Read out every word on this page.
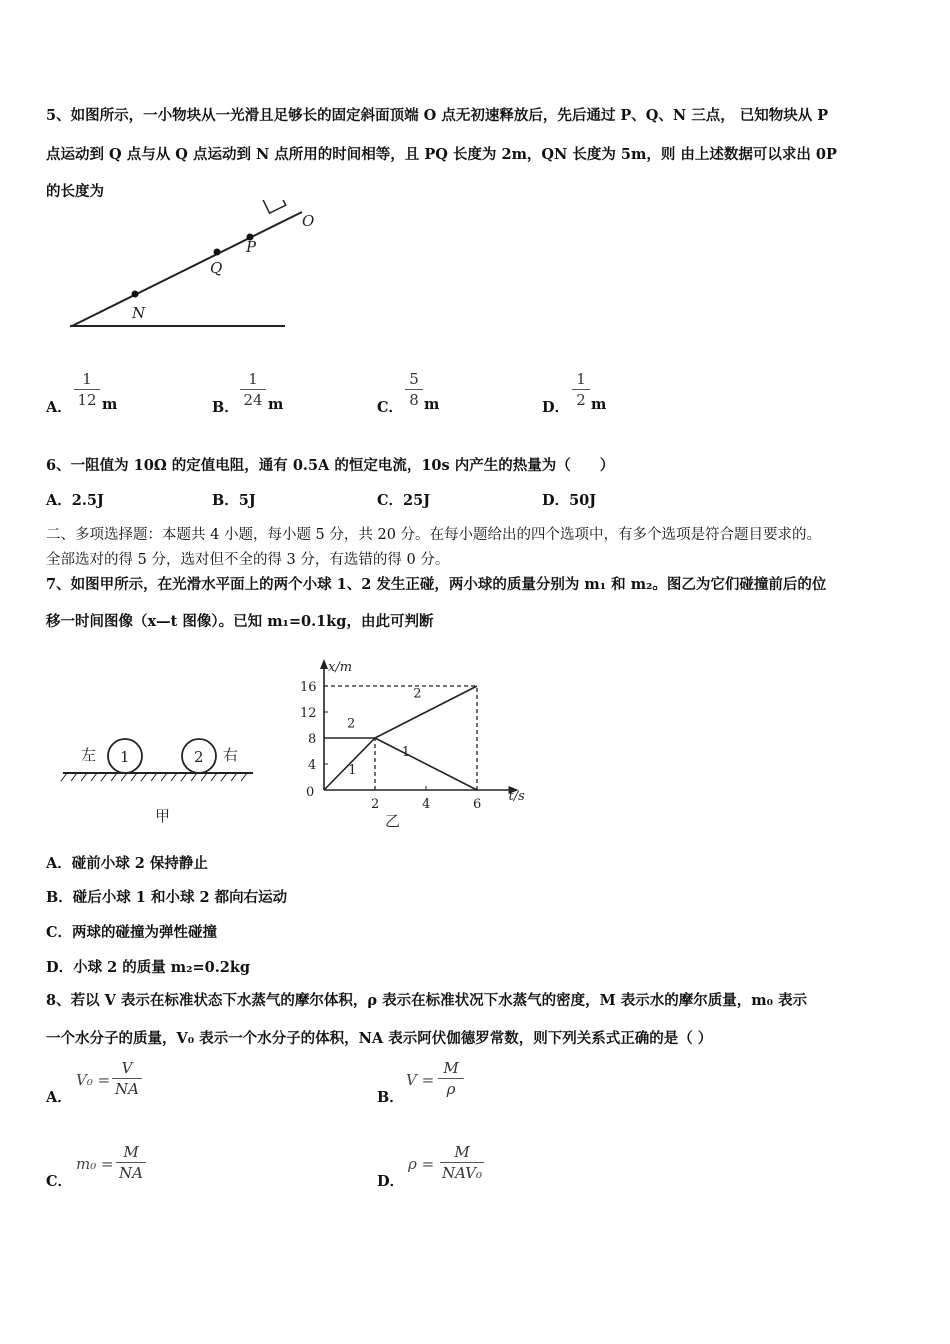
5、如图所示，一小物块从一光滑且足够长的固定斜面顶端 O 点无初速释放后，先后通过 P、Q、N 三点， 已知物块从 P
点运动到 Q 点与从 Q 点运动到 N 点所用的时间相等，且 PQ 长度为 2m，QN 长度为 5m，则 由上述数据可以求出 0P
的长度为
O
P
Q
N
A．
1
12 m	B．
1
24 m	C．
5
8 m	D．
1
2 m
6、一阻值为 10Ω 的定值电阻，通有 0.5A 的恒定电流，10s 内产生的热量为（　　）
A．2.5J	B．5J	C．25J	D．50J
二、多项选择题：本题共 4 小题，每小题 5 分，共 20 分。在每小题给出的四个选项中，有多个选项是符合题目要求的。
全部选对的得 5 分，选对但不全的得 3 分，有选错的得 0 分。
7、如图甲所示，在光滑水平面上的两个小球 1、2 发生正碰，两小球的质量分别为 m₁ 和 m₂。图乙为它们碰撞前后的位
移一时间图像（x—t 图像）。已知 m₁=0.1kg，由此可判断
1	2
左	右
甲
t/s
x/m
0
2	4	6
4
8
12
16
1
1
2
2
乙
A．碰前小球 2 保持静止
B．碰后小球 1 和小球 2 都向右运动
C．两球的碰撞为弹性碰撞
D．小球 2 的质量 m₂=0.2kg
8、若以 V 表示在标准状态下水蒸气的摩尔体积，ρ 表示在标准状况下水蒸气的密度，M 表示水的摩尔质量，m₀ 表示
一个水分子的质量，V₀ 表示一个水分子的体积，NA 表示阿伏伽德罗常数，则下列关系式正确的是（ ）
A．
V₀ =
V
NA	B．
V =
M
ρ
C．
m₀ =
M
NA	D．
ρ =
M
NAV₀
